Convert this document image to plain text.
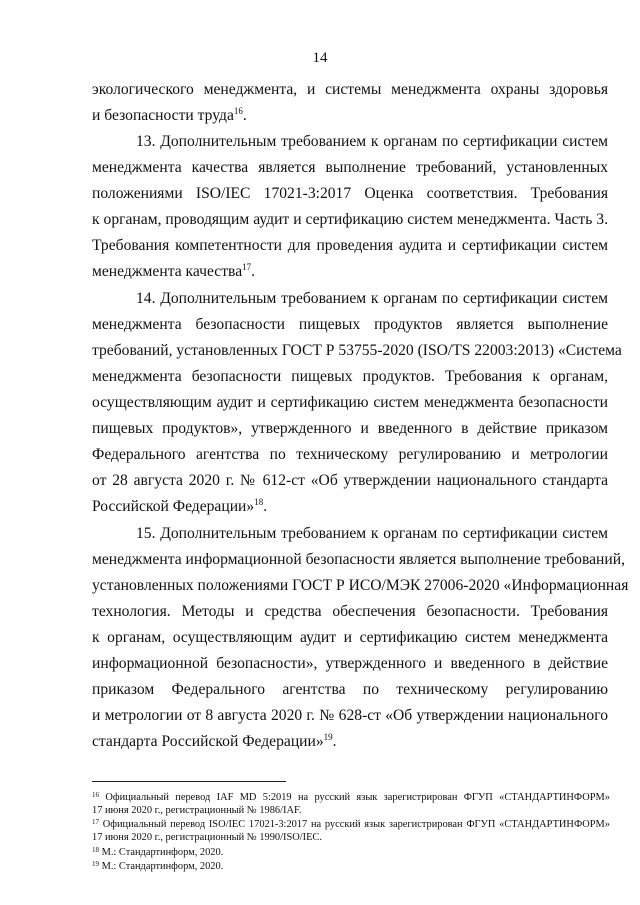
14
экологического менеджмента, и системы менеджмента охраны здоровья
и безопасности труда$^{16}$.
13. Дополнительным требованием к органам по сертификации систем
менеджмента качества является выполнение требований, установленных
положениями ISO/IEC 17021-3:2017 Оценка соответствия. Требования
к органам, проводящим аудит и сертификацию систем менеджмента. Часть 3.
Требования компетентности для проведения аудита и сертификации систем
менеджмента качества$^{17}$.
14. Дополнительным требованием к органам по сертификации систем
менеджмента безопасности пищевых продуктов является выполнение
требований, установленных ГОСТ Р 53755-2020 (ISO/TS 22003:2013) «Система
менеджмента безопасности пищевых продуктов. Требования к органам,
осуществляющим аудит и сертификацию систем менеджмента безопасности
пищевых продуктов», утвержденного и введенного в действие приказом
Федерального агентства по техническому регулированию и метрологии
от 28 августа 2020 г. № 612-ст «Об утверждении национального стандарта
Российской Федерации»$^{18}$.
15. Дополнительным требованием к органам по сертификации систем
менеджмента информационной безопасности является выполнение требований,
установленных положениями ГОСТ Р ИСО/МЭК 27006-2020 «Информационная
технология. Методы и средства обеспечения безопасности. Требования
к органам, осуществляющим аудит и сертификацию систем менеджмента
информационной безопасности», утвержденного и введенного в действие
приказом Федерального агентства по техническому регулированию
и метрологии от 8 августа 2020 г. № 628-ст «Об утверждении национального
стандарта Российской Федерации»$^{19}$.
$^{16}$ Официальный перевод IAF MD 5:2019 на русский язык зарегистрирован ФГУП «СТАНДАРТИНФОРМ»
17 июня 2020 г., регистрационный № 1986/IAF.
$^{17}$ Официальный перевод ISO/IEC 17021-3:2017 на русский язык зарегистрирован ФГУП «СТАНДАРТИНФОРМ»
17 июня 2020 г., регистрационный № 1990/ISO/IEC.
$^{18}$ М.: Стандартинформ, 2020.
$^{19}$ М.: Стандартинформ, 2020.
